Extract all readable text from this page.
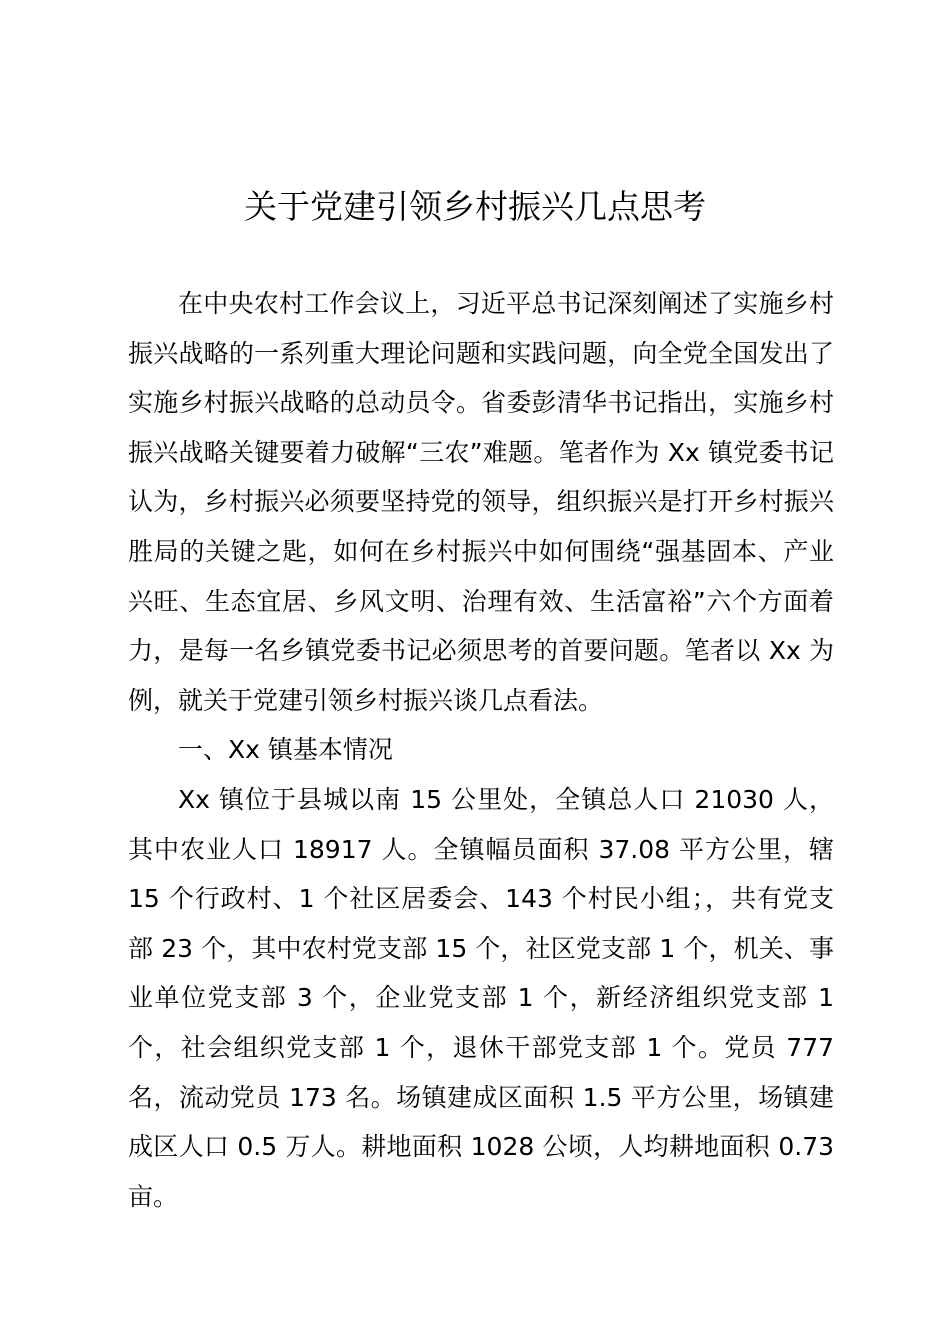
关于党建引领乡村振兴几点思考

在中央农村工作会议上，习近平总书记深刻阐述了实施乡村振兴战略的一系列重大理论问题和实践问题，向全党全国发出了实施乡村振兴战略的总动员令。省委彭清华书记指出，实施乡村振兴战略关键要着力破解“三农”难题。笔者作为 Xx 镇党委书记认为，乡村振兴必须要坚持党的领导，组织振兴是打开乡村振兴胜局的关键之匙，如何在乡村振兴中如何围绕“强基固本、产业兴旺、生态宜居、乡风文明、治理有效、生活富裕”六个方面着力，是每一名乡镇党委书记必须思考的首要问题。笔者以 Xx 为例，就关于党建引领乡村振兴谈几点看法。

一、Xx 镇基本情况

Xx 镇位于县城以南 15 公里处，全镇总人口 21030 人，其中农业人口 18917 人。全镇幅员面积 37.08 平方公里，辖 15 个行政村、1 个社区居委会、143 个村民小组；，共有党支部 23 个，其中农村党支部 15 个，社区党支部 1 个，机关、事业单位党支部 3 个，企业党支部 1 个，新经济组织党支部 1 个，社会组织党支部 1 个，退休干部党支部 1 个。党员 777 名，流动党员 173 名。场镇建成区面积 1.5 平方公里，场镇建成区人口 0.5 万人。耕地面积 1028 公顷，人均耕地面积 0.73 亩。
